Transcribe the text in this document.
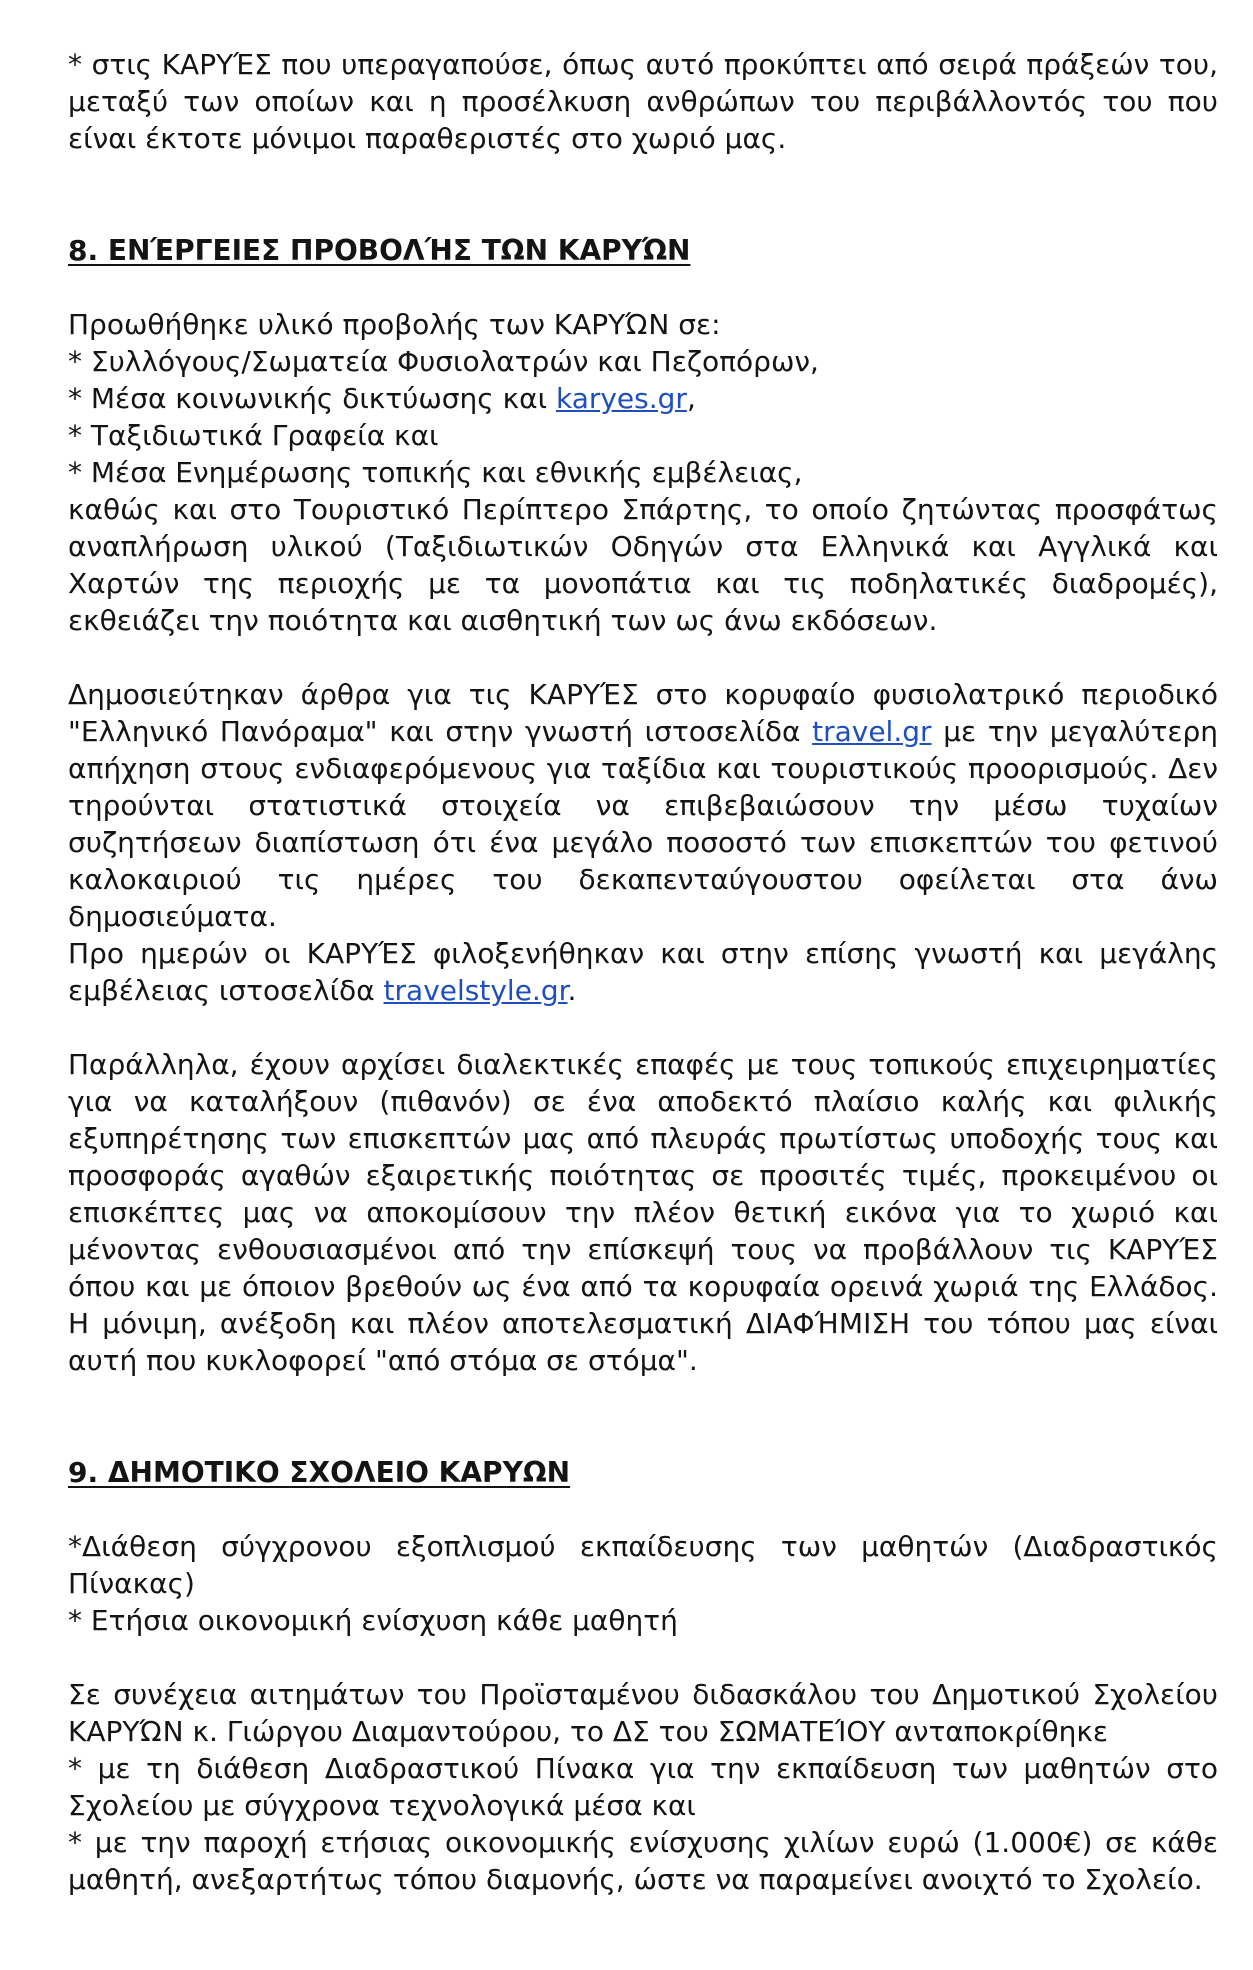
* στις ΚΑΡΥΈΣ που υπεραγαπούσε, όπως αυτό προκύπτει από σειρά πράξεών του, μεταξύ των οποίων και η προσέλκυση ανθρώπων του περιβάλλοντός του που είναι έκτοτε μόνιμοι παραθεριστές στο χωριό μας.

8. ΕΝΈΡΓΕΙΕΣ ΠΡΟΒΟΛΉΣ ΤΩΝ ΚΑΡΥΏΝ

Προωθήθηκε υλικό προβολής των ΚΑΡΥΏΝ σε:
* Συλλόγους/Σωματεία Φυσιολατρών και Πεζοπόρων,
* Μέσα κοινωνικής δικτύωσης και karyes.gr,
* Ταξιδιωτικά Γραφεία και
* Μέσα Ενημέρωσης τοπικής και εθνικής εμβέλειας,

καθώς και στο Τουριστικό Περίπτερο Σπάρτης, το οποίο ζητώντας προσφάτως αναπλήρωση υλικού (Ταξιδιωτικών Οδηγών στα Ελληνικά και Αγγλικά και Χαρτών της περιοχής με τα μονοπάτια και τις ποδηλατικές διαδρομές), εκθειάζει την ποιότητα και αισθητική των ως άνω εκδόσεων.

Δημοσιεύτηκαν άρθρα για τις ΚΑΡΥΈΣ στο κορυφαίο φυσιολατρικό περιοδικό "Ελληνικό Πανόραμα" και στην γνωστή ιστοσελίδα travel.gr με την μεγαλύτερη απήχηση στους ενδιαφερόμενους για ταξίδια και τουριστικούς προορισμούς. Δεν τηρούνται στατιστικά στοιχεία να επιβεβαιώσουν την μέσω τυχαίων συζητήσεων διαπίστωση ότι ένα μεγάλο ποσοστό των επισκεπτών του φετινού καλοκαιριού τις ημέρες του δεκαπενταύγουστου οφείλεται στα άνω δημοσιεύματα.

Προ ημερών οι ΚΑΡΥΈΣ φιλοξενήθηκαν και στην επίσης γνωστή και μεγάλης εμβέλειας ιστοσελίδα travelstyle.gr.

Παράλληλα, έχουν αρχίσει διαλεκτικές επαφές με τους τοπικούς επιχειρηματίες για να καταλήξουν (πιθανόν) σε ένα αποδεκτό πλαίσιο καλής και φιλικής εξυπηρέτησης των επισκεπτών μας από πλευράς πρωτίστως υποδοχής τους και προσφοράς αγαθών εξαιρετικής ποιότητας σε προσιτές τιμές, προκειμένου οι επισκέπτες μας να αποκομίσουν την πλέον θετική εικόνα για το χωριό και μένοντας ενθουσιασμένοι από την επίσκεψή τους να προβάλλουν τις ΚΑΡΥΈΣ όπου και με όποιον βρεθούν ως ένα από τα κορυφαία ορεινά χωριά της Ελλάδος. Η μόνιμη, ανέξοδη και πλέον αποτελεσματική ΔΙΑΦΉΜΙΣΗ του τόπου μας είναι αυτή που κυκλοφορεί "από στόμα σε στόμα".

9. ΔΗΜΟΤΙΚΟ ΣΧΟΛΕΙΟ ΚΑΡΥΩΝ

*Διάθεση σύγχρονου εξοπλισμού εκπαίδευσης των μαθητών (Διαδραστικός Πίνακας)
* Ετήσια οικονομική ενίσχυση κάθε μαθητή

Σε συνέχεια αιτημάτων του Προϊσταμένου διδασκάλου του Δημοτικού Σχολείου ΚΑΡΥΏΝ κ. Γιώργου Διαμαντούρου, το ΔΣ του ΣΩΜΑΤΕΊΟΥ ανταποκρίθηκε

* με τη διάθεση Διαδραστικού Πίνακα για την εκπαίδευση των μαθητών στο Σχολείου με σύγχρονα τεχνολογικά μέσα και

* με την παροχή ετήσιας οικονομικής ενίσχυσης χιλίων ευρώ (1.000€) σε κάθε μαθητή, ανεξαρτήτως τόπου διαμονής, ώστε να παραμείνει ανοιχτό το Σχολείο.
